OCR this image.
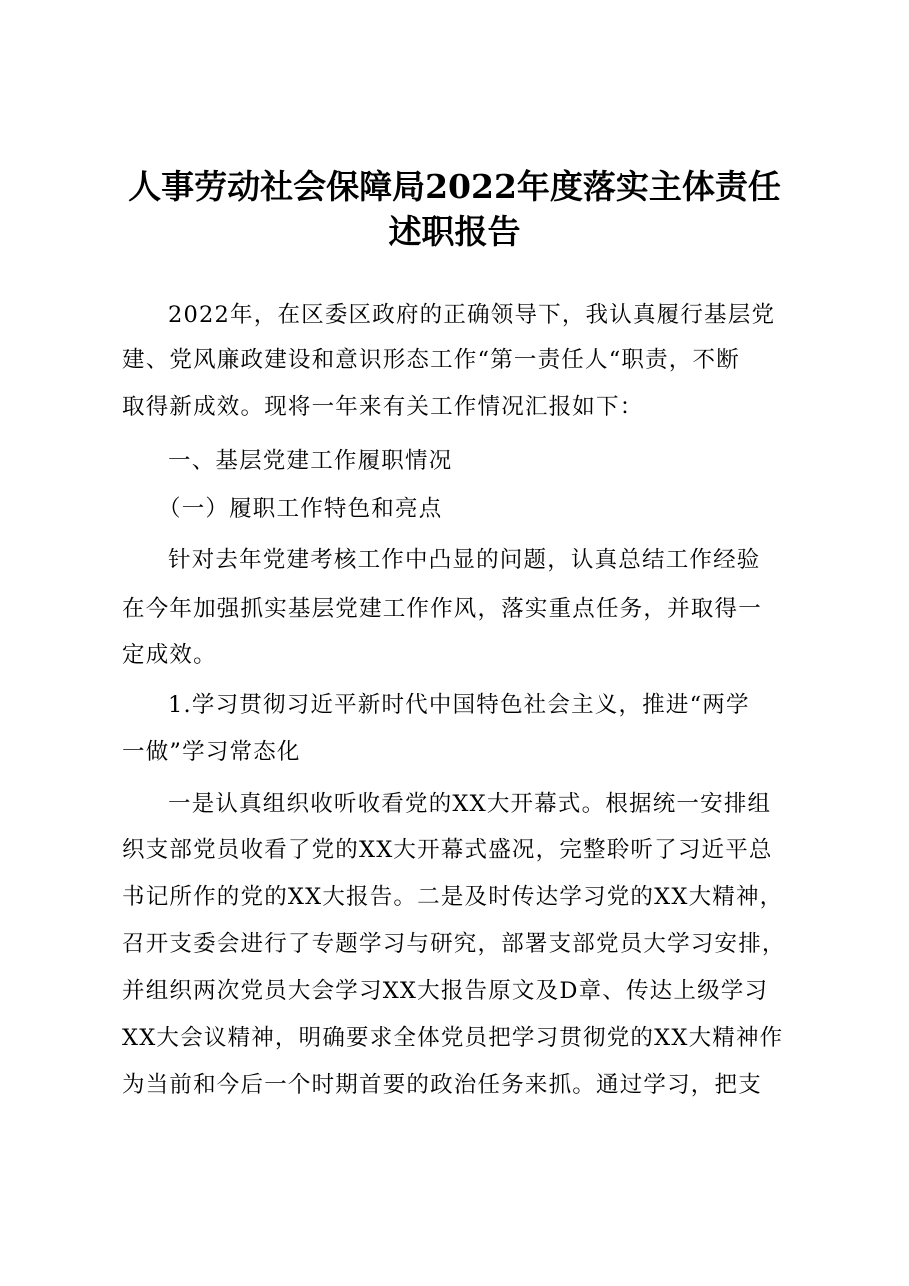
人事劳动社会保障局2022年度落实主体责任
述职报告
2022年，在区委区政府的正确领导下，我认真履行基层党
建、党风廉政建设和意识形态工作“第一责任人“职责，不断
取得新成效。现将一年来有关工作情况汇报如下：
一、基层党建工作履职情况
（一）履职工作特色和亮点
针对去年党建考核工作中凸显的问题，认真总结工作经验
在今年加强抓实基层党建工作作风，落实重点任务，并取得一
定成效。
1.学习贯彻习近平新时代中国特色社会主义，推进“两学
一做”学习常态化
一是认真组织收听收看党的XX大开幕式。根据统一安排组
织支部党员收看了党的XX大开幕式盛况，完整聆听了习近平总
书记所作的党的XX大报告。二是及时传达学习党的XX大精神，
召开支委会进行了专题学习与研究，部署支部党员大学习安排，
并组织两次党员大会学习XX大报告原文及D章、传达上级学习
XX大会议精神，明确要求全体党员把学习贯彻党的XX大精神作
为当前和今后一个时期首要的政治任务来抓。通过学习，把支
